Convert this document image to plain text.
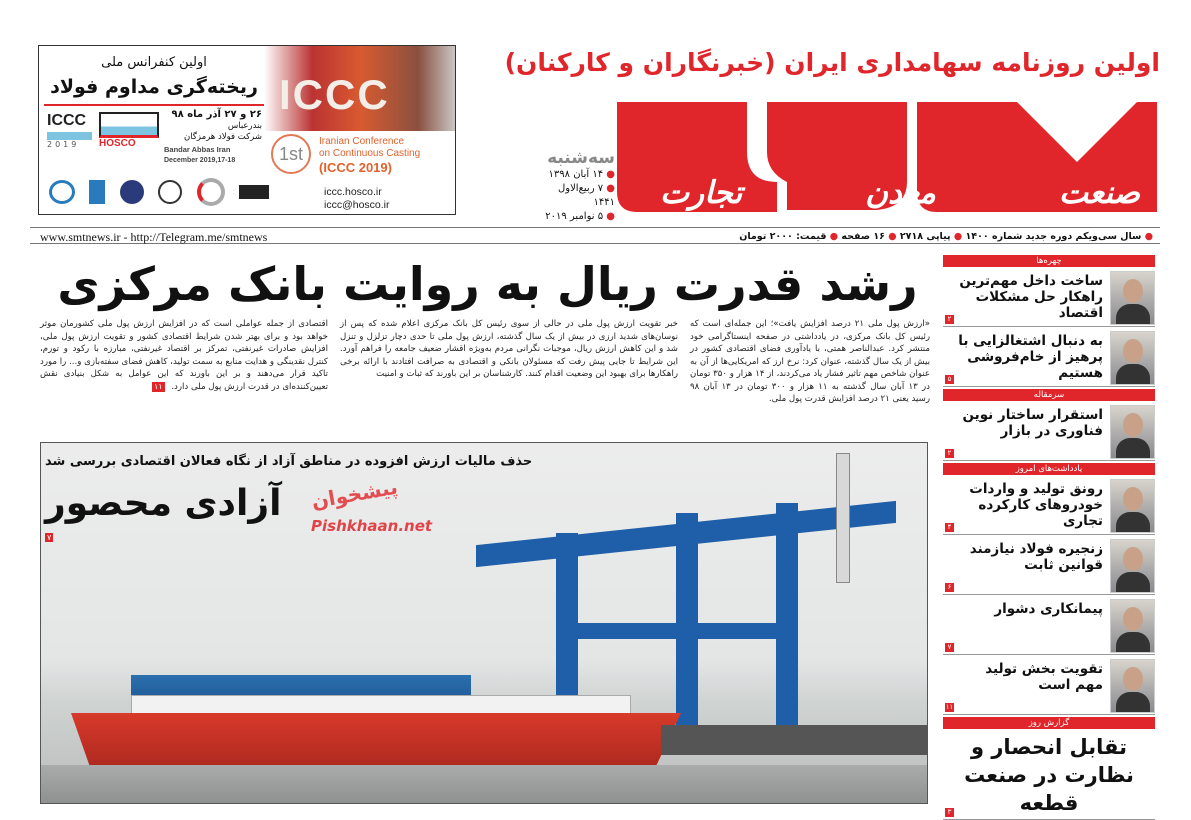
اولین روزنامه سهامداری ایران (خبرنگاران و کارکنان)
صنعت
معدن
تجارت
سه‌شنبه
● ۱۴ آبان ۱۳۹۸
● ۷ ربیع‌الاول ۱۴۴۱
● ۵ نوامبر ۲۰۱۹
ICCC
اولین کنفرانس ملی
ریخته‌گری مداوم فولاد
۲۶ و ۲۷ آذر ماه ۹۸
بندرعباس
شرکت فولاد هرمزگان
Bandar Abbas Iran
December 2019,17-18
ICCC
2019	HOSCO
1st
Iranian Conference
on Continuous Casting
(ICCC 2019)
iccc.hosco.ir
iccc@hosco.ir
www.smtnews.ir - http://Telegram.me/smtnews	● سال سی‌ویکم دوره جدید شماره ۱۴۰۰ ● پیاپی ۲۷۱۸ ● ۱۶ صفحه ● قیمت: ۲۰۰۰ تومان
رشد قدرت ریال به روایت بانک مرکزی
«ارزش پول ملی ۲۱ درصد افزایش یافت»؛ این جمله‌ای است که رئیس کل بانک مرکزی، در یادداشتی در صفحه اینستاگرامی خود منتشر کرد. عبدالناصر همتی، با یادآوری فضای اقتصادی کشور در بیش از یک سال گذشته، عنوان کرد: نرخ ارز که امریکایی‌ها از آن به عنوان شاخص مهم تاثیر فشار یاد می‌کردند، از ۱۴ هزار و ۳۵۰ تومان در ۱۳ آبان سال گذشته به ۱۱ هزار و ۳۰۰ تومان در ۱۳ آبان ۹۸ رسید یعنی ۲۱ درصد افزایش قدرت پول ملی.
خبر تقویت ارزش پول ملی در حالی از سوی رئیس کل بانک مرکزی اعلام شده که پس از نوسان‌های شدید ارزی در بیش از یک سال گذشته، ارزش پول ملی تا حدی دچار تزلزل و تنزل شد و این کاهش ارزش ریال، موجبات نگرانی مردم به‌ویژه اقشار ضعیف جامعه را فراهم آورد. این شرایط تا جایی پیش رفت که مسئولان بانکی و اقتصادی به صرافت افتادند با ارائه برخی راهکارها برای بهبود این وضعیت اقدام کنند. کارشناسان بر این باورند که ثبات و امنیت
اقتصادی از جمله عواملی است که در افزایش ارزش پول ملی کشورمان موثر خواهد بود و برای بهتر شدن شرایط اقتصادی کشور و تقویت ارزش پول ملی، افزایش صادرات غیرنفتی، تمرکز بر اقتصاد غیرنفتی، مبارزه با رکود و تورم، کنترل نقدینگی و هدایت منابع به سمت تولید، کاهش فضای سفته‌بازی و... را مورد تاکید قرار می‌دهند و بر این باورند که این عوامل به شکل بنیادی نقش تعیین‌کننده‌ای در قدرت ارزش پول ملی دارد. ۱۱
حذف مالیات ارزش افزوده در مناطق آزاد از نگاه فعالان اقتصادی بررسی شد
آزادی محصور
۷
پیشخوان
Pishkhaan.net
چهره‌ها
ساخت داخل مهم‌ترین راهکار حل مشکلات اقتصاد
۲
به دنبال اشتغالزایی با پرهیز از خام‌فروشی هستیم
۵
سرمقاله
استقرار ساختار نوین فناوری در بازار
۲
یادداشت‌های امروز
رونق تولید و واردات خودروهای کارکرده تجاری
۴
زنجیره فولاد نیازمند قوانین ثابت
۶
پیمانکاری دشوار
۷
تقویت بخش تولید مهم است
۱۱
گزارش روز
تقابل انحصار و نظارت در صنعت قطعه
۳
